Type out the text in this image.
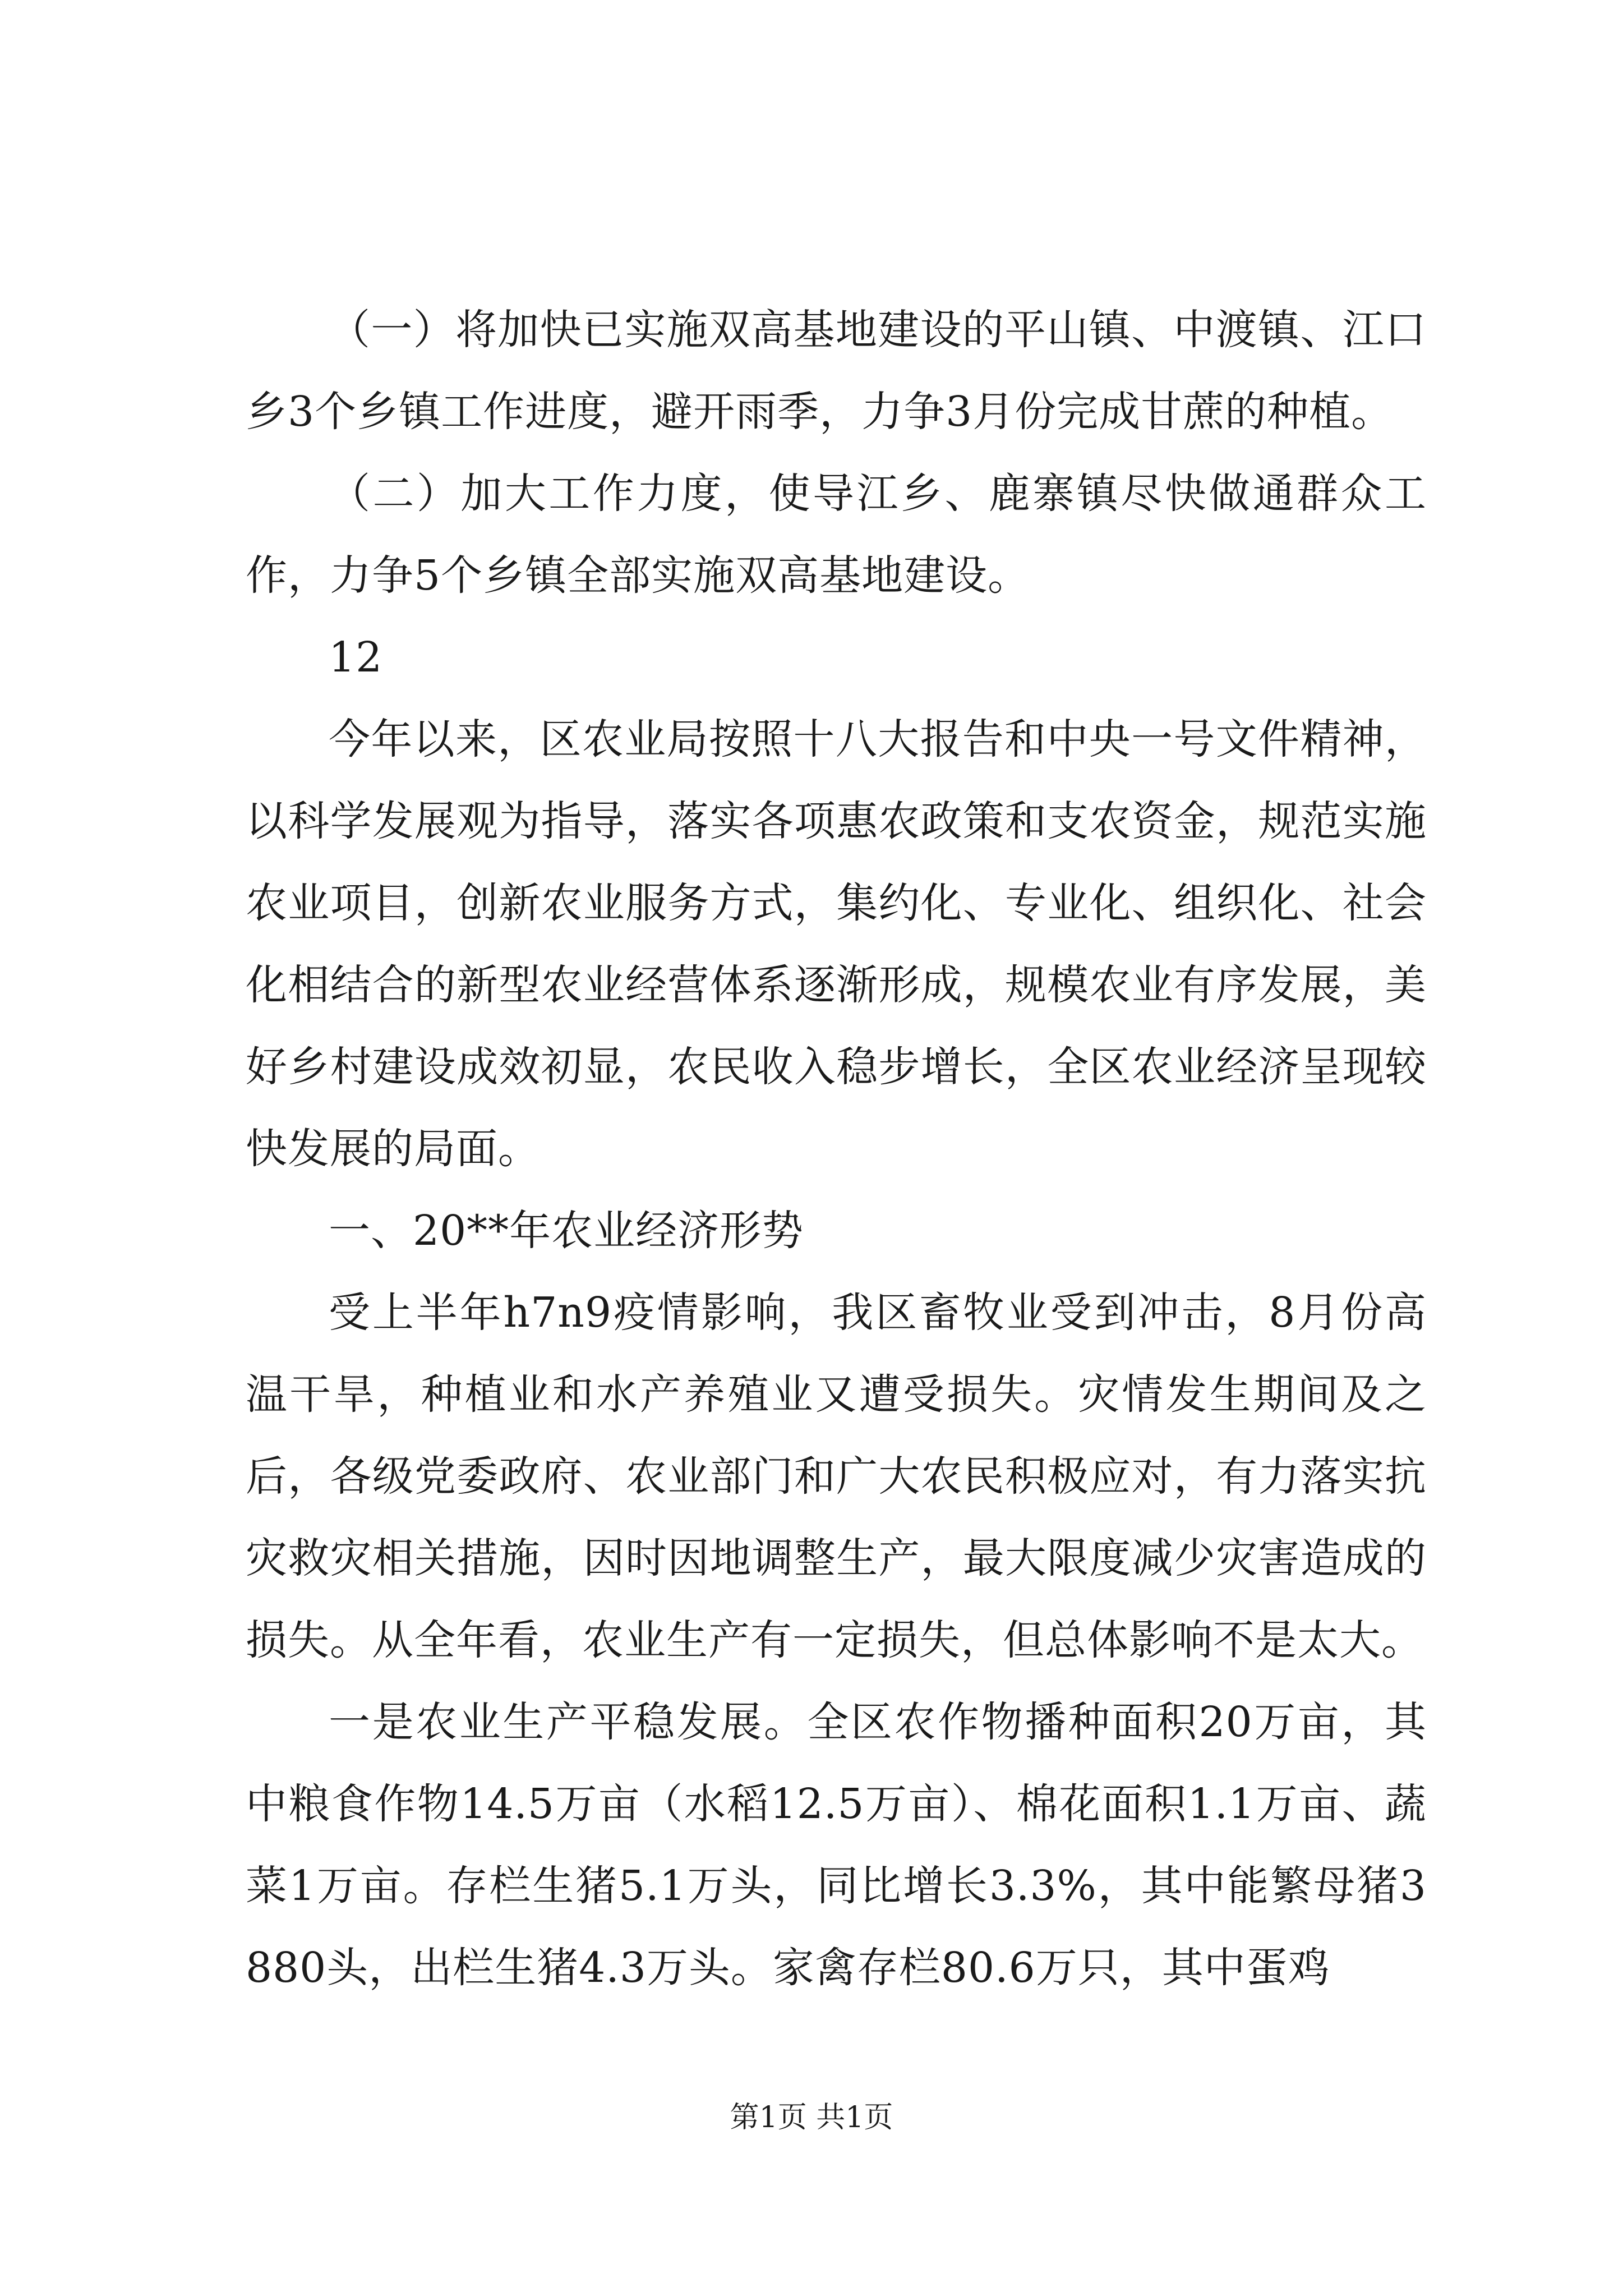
（一）将加快已实施双高基地建设的平山镇、中渡镇、江口乡3个乡镇工作进度，避开雨季，力争3月份完成甘蔗的种植。

（二）加大工作力度，使导江乡、鹿寨镇尽快做通群众工作，力争5个乡镇全部实施双高基地建设。

12

今年以来，区农业局按照十八大报告和中央一号文件精神，以科学发展观为指导，落实各项惠农政策和支农资金，规范实施农业项目，创新农业服务方式，集约化、专业化、组织化、社会化相结合的新型农业经营体系逐渐形成，规模农业有序发展，美好乡村建设成效初显，农民收入稳步增长，全区农业经济呈现较快发展的局面。

一、20**年农业经济形势

受上半年h7n9疫情影响，我区畜牧业受到冲击，8月份高温干旱，种植业和水产养殖业又遭受损失。灾情发生期间及之后，各级党委政府、农业部门和广大农民积极应对，有力落实抗灾救灾相关措施，因时因地调整生产，最大限度减少灾害造成的损失。从全年看，农业生产有一定损失，但总体影响不是太大。

一是农业生产平稳发展。全区农作物播种面积20万亩，其中粮食作物14.5万亩（水稻12.5万亩）、棉花面积1.1万亩、蔬菜1万亩。存栏生猪5.1万头，同比增长3.3%，其中能繁母猪3880头，出栏生猪4.3万头。家禽存栏80.6万只，其中蛋鸡

第1页 共1页
